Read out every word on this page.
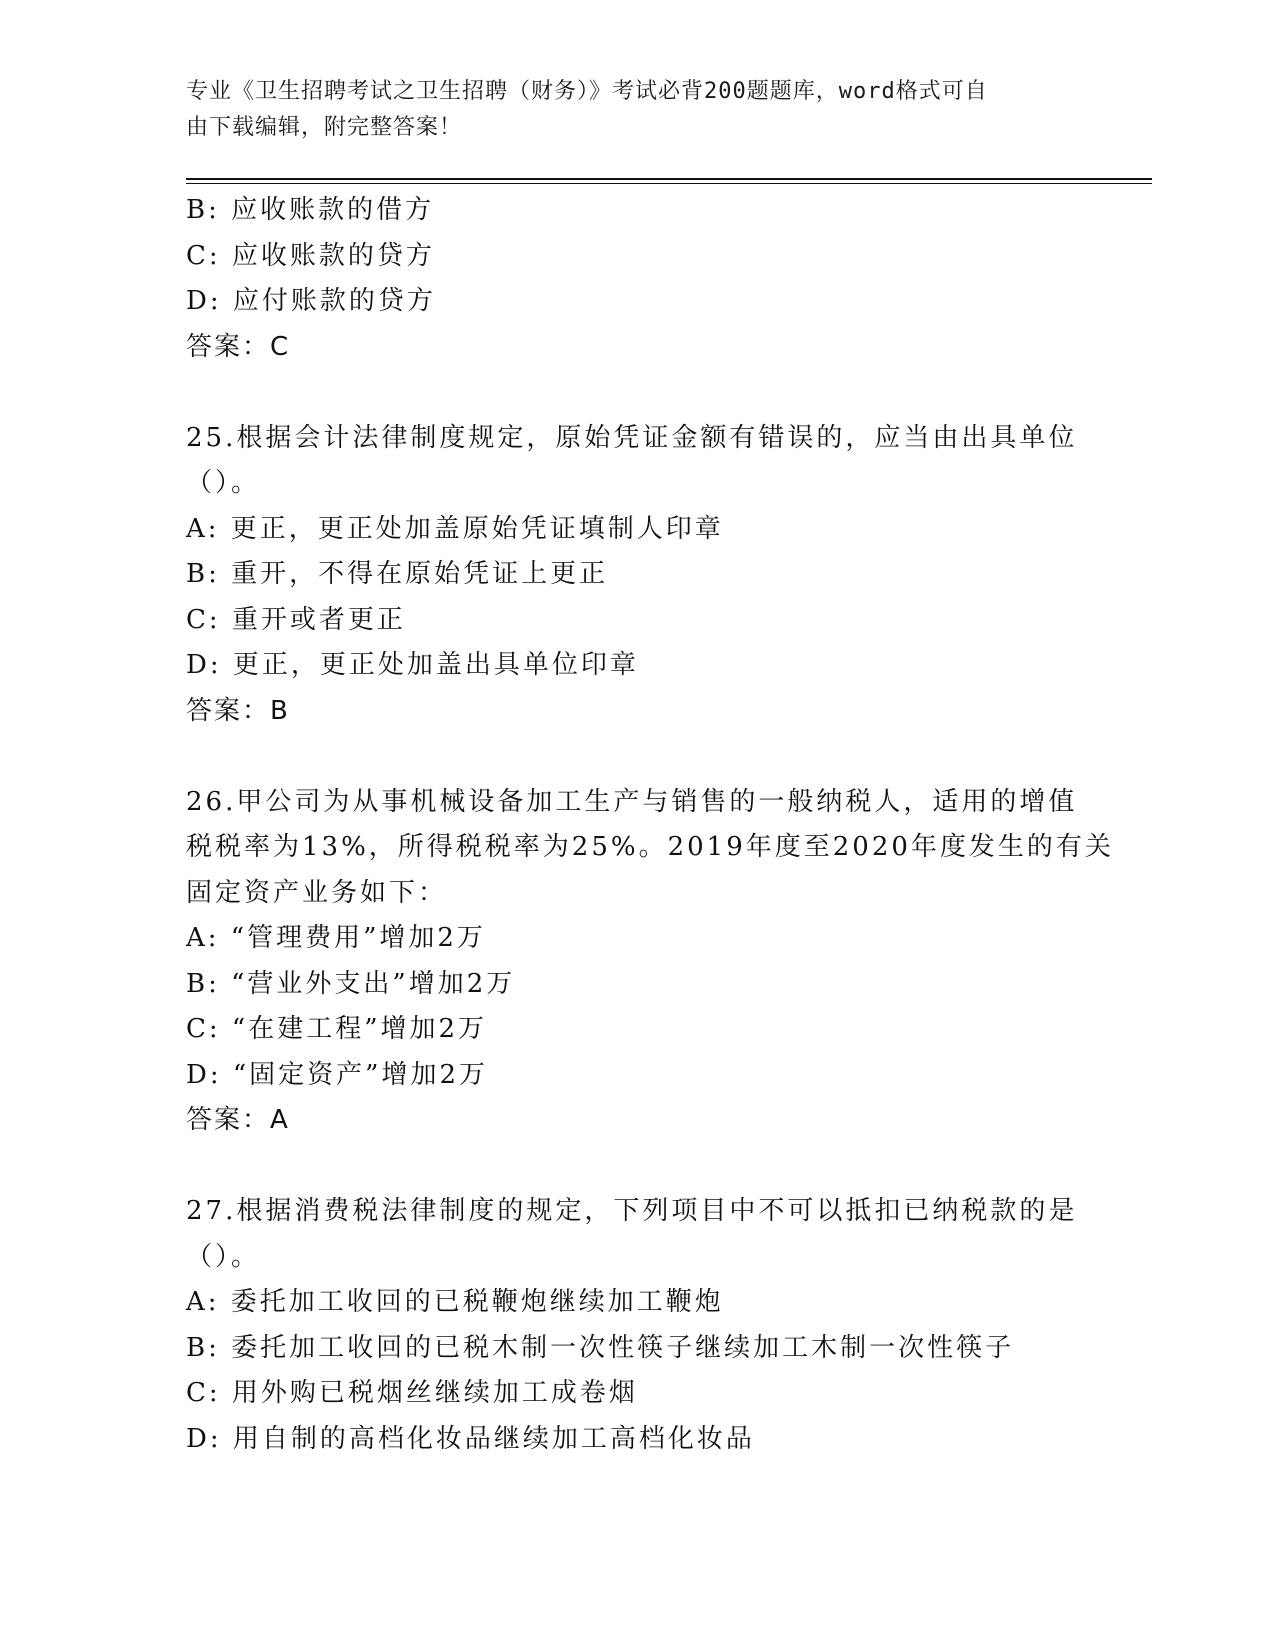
专业《卫生招聘考试之卫生招聘（财务）》考试必背200题题库，word格式可自
由下载编辑，附完整答案！
B: 应收账款的借方
C: 应收账款的贷方
D: 应付账款的贷方
答案：C
25.根据会计法律制度规定，原始凭证金额有错误的，应当由出具单位
（）。
A: 更正，更正处加盖原始凭证填制人印章
B: 重开，不得在原始凭证上更正
C: 重开或者更正
D: 更正，更正处加盖出具单位印章
答案：B
26.甲公司为从事机械设备加工生产与销售的一般纳税人，适用的增值
税税率为13%，所得税税率为25%。2019年度至2020年度发生的有关
固定资产业务如下：
A: “管理费用”增加2万
B: “营业外支出”增加2万
C: “在建工程”增加2万
D: “固定资产”增加2万
答案：A
27.根据消费税法律制度的规定，下列项目中不可以抵扣已纳税款的是
（）。
A: 委托加工收回的已税鞭炮继续加工鞭炮
B: 委托加工收回的已税木制一次性筷子继续加工木制一次性筷子
C: 用外购已税烟丝继续加工成卷烟
D: 用自制的高档化妆品继续加工高档化妆品
